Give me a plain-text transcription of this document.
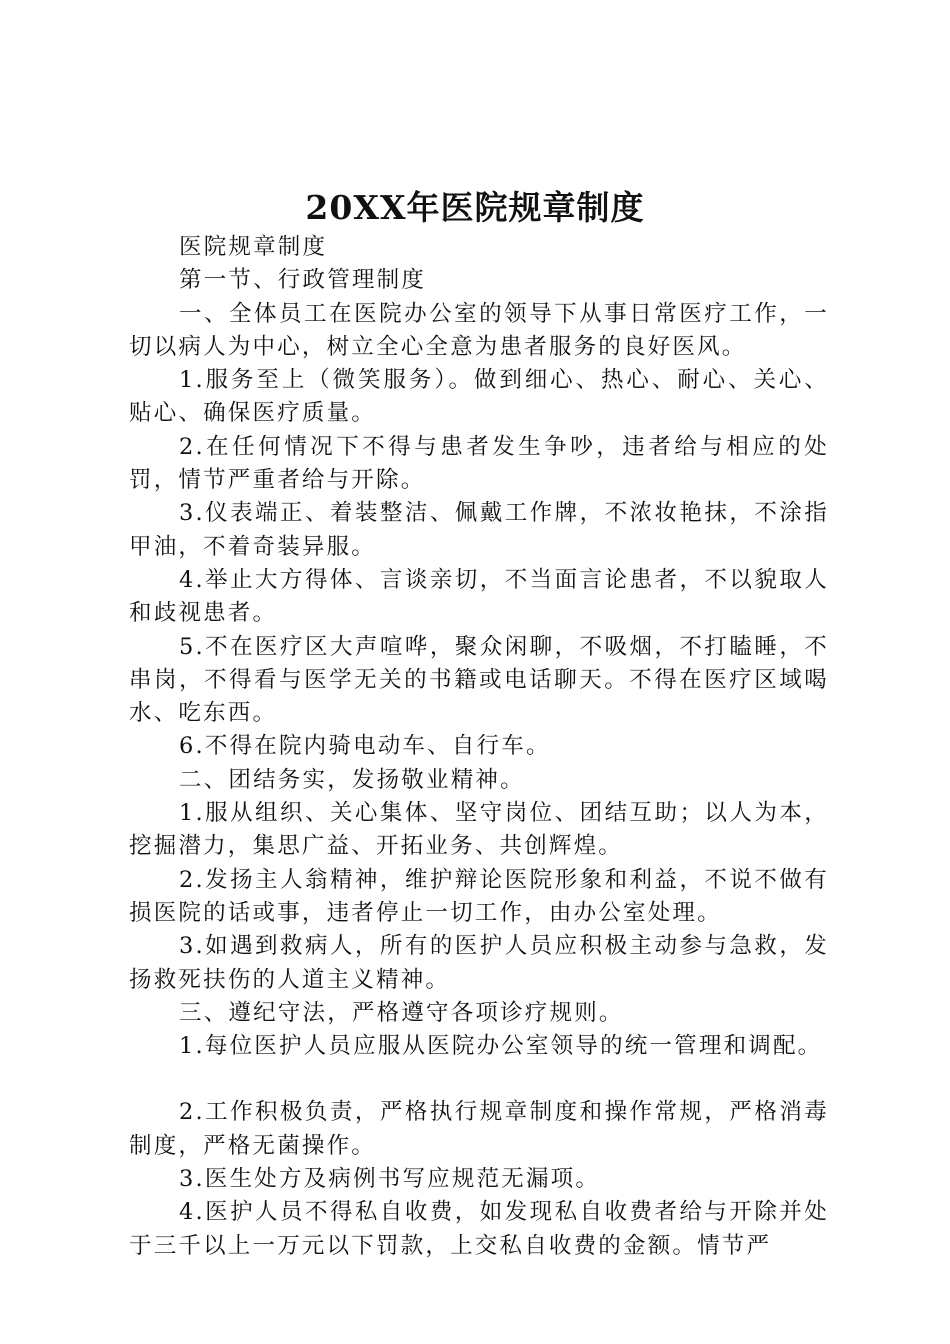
20XX年医院规章制度

医院规章制度

第一节、行政管理制度

一、全体员工在医院办公室的领导下从事日常医疗工作，一切以病人为中心，树立全心全意为患者服务的良好医风。

1.服务至上（微笑服务）。做到细心、热心、耐心、关心、贴心、确保医疗质量。

2.在任何情况下不得与患者发生争吵，违者给与相应的处罚，情节严重者给与开除。

3.仪表端正、着装整洁、佩戴工作牌，不浓妆艳抹，不涂指甲油，不着奇装异服。

4.举止大方得体、言谈亲切，不当面言论患者，不以貌取人和歧视患者。

5.不在医疗区大声喧哗，聚众闲聊，不吸烟，不打瞌睡，不串岗，不得看与医学无关的书籍或电话聊天。不得在医疗区域喝水、吃东西。

6.不得在院内骑电动车、自行车。

二、团结务实，发扬敬业精神。

1.服从组织、关心集体、坚守岗位、团结互助；以人为本，挖掘潜力，集思广益、开拓业务、共创辉煌。

2.发扬主人翁精神，维护辩论医院形象和利益，不说不做有损医院的话或事，违者停止一切工作，由办公室处理。

3.如遇到救病人，所有的医护人员应积极主动参与急救，发扬救死扶伤的人道主义精神。

三、遵纪守法，严格遵守各项诊疗规则。

1.每位医护人员应服从医院办公室领导的统一管理和调配。

2.工作积极负责，严格执行规章制度和操作常规，严格消毒制度，严格无菌操作。

3.医生处方及病例书写应规范无漏项。

4.医护人员不得私自收费，如发现私自收费者给与开除并处于三千以上一万元以下罚款，上交私自收费的金额。情节严
